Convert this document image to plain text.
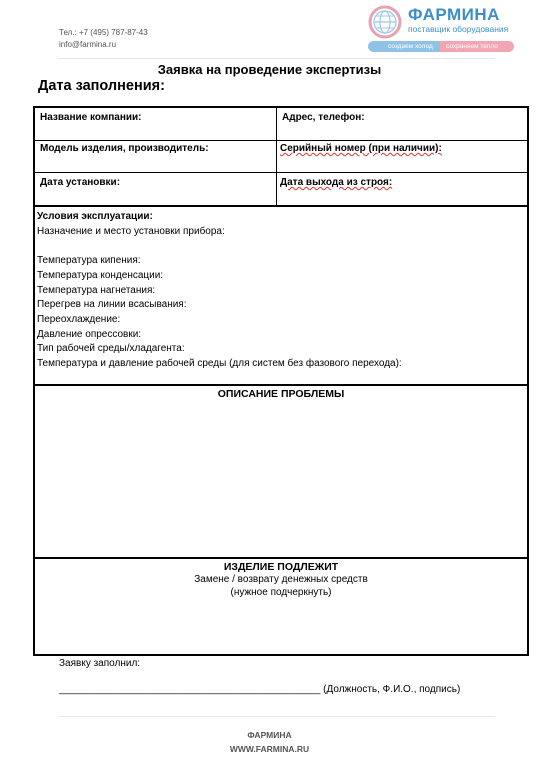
Тел.: +7 (495) 787-87-43
info@farmina.ru
ФАРМИНА
поставщик оборудования
создаем холод сохраняем тепло
Заявка на проведение экспертизы
Дата заполнения:
Название компании:	Адрес, телефон:
Модель изделия, производитель:	Серийный номер (при наличии):
Дата установки:	Дата выхода из строя:
Условия эксплуатации:
Назначение и место установки прибора:
Температура кипения:
Температура конденсации:
Температура нагнетания:
Перегрев на линии всасывания:
Переохлаждение:
Давление опрессовки:
Тип рабочей среды/хладагента:
Температура и давление рабочей среды (для систем без фазового перехода):
ОПИСАНИЕ ПРОБЛЕМЫ
ИЗДЕЛИЕ ПОДЛЕЖИТ
Замене / возврату денежных средств
(нужное подчеркнуть)
Заявку заполнил:
_______________________________________________ (Должность, Ф.И.О., подпись)
ФАРМИНА
WWW.FARMINA.RU
